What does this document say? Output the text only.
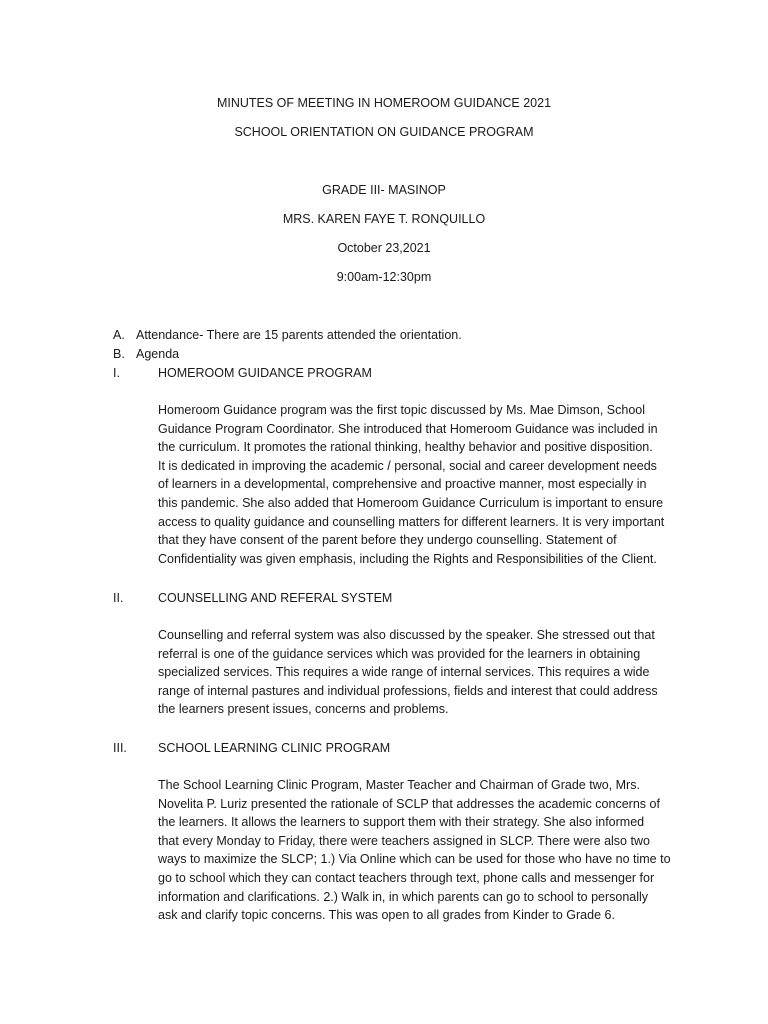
MINUTES OF MEETING IN HOMEROOM GUIDANCE 2021

SCHOOL ORIENTATION ON GUIDANCE PROGRAM

GRADE III- MASINOP

MRS. KAREN FAYE T. RONQUILLO

October 23,2021

9:00am-12:30pm

A. Attendance- There are 15 parents attended the orientation.
B. Agenda
I.	HOMEROOM GUIDANCE PROGRAM

Homeroom Guidance program was the first topic discussed by Ms. Mae Dimson, School
Guidance Program Coordinator. She introduced that Homeroom Guidance was included in
the curriculum. It promotes the rational thinking, healthy behavior and positive disposition.
It is dedicated in improving the academic / personal, social and career development needs
of learners in a developmental, comprehensive and proactive manner, most especially in
this pandemic. She also added that Homeroom Guidance Curriculum is important to ensure
access to quality guidance and counselling matters for different learners. It is very important
that they have consent of the parent before they undergo counselling. Statement of
Confidentiality was given emphasis, including the Rights and Responsibilities of the Client.

II.	COUNSELLING AND REFERAL SYSTEM

Counselling and referral system was also discussed by the speaker. She stressed out that
referral is one of the guidance services which was provided for the learners in obtaining
specialized services. This requires a wide range of internal services. This requires a wide
range of internal pastures and individual professions, fields and interest that could address
the learners present issues, concerns and problems.

III. SCHOOL LEARNING CLINIC PROGRAM

The School Learning Clinic Program, Master Teacher and Chairman of Grade two, Mrs.
Novelita P. Luriz presented the rationale of SCLP that addresses the academic concerns of
the learners. It allows the learners to support them with their strategy. She also informed
that every Monday to Friday, there were teachers assigned in SLCP. There were also two
ways to maximize the SLCP; 1.) Via Online which can be used for those who have no time to
go to school which they can contact teachers through text, phone calls and messenger for
information and clarifications. 2.) Walk in, in which parents can go to school to personally
ask and clarify topic concerns. This was open to all grades from Kinder to Grade 6.
